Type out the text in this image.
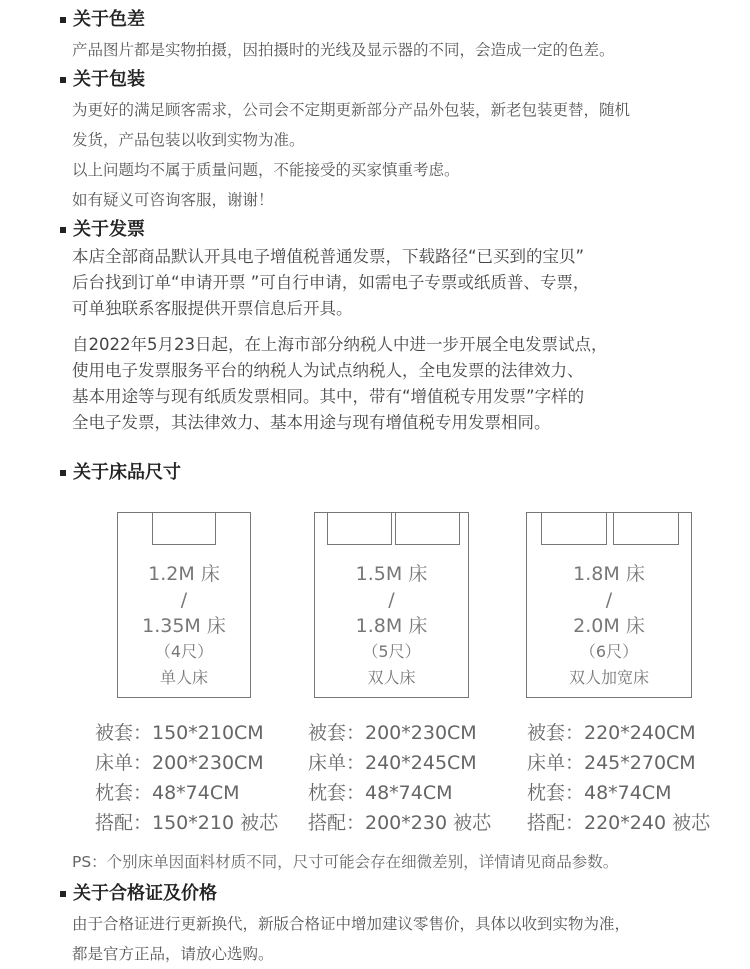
关于色差
产品图片都是实物拍摄，因拍摄时的光线及显示器的不同，会造成一定的色差。
关于包装
为更好的满足顾客需求，公司会不定期更新部分产品外包装，新老包装更替，随机
发货，产品包装以收到实物为准。
以上问题均不属于质量问题，不能接受的买家慎重考虑。
如有疑义可咨询客服，谢谢！
关于发票
本店全部商品默认开具电子增值税普通发票，下载路径“已买到的宝贝”
后台找到订单“申请开票 ”可自行申请，如需电子专票或纸质普、专票，
可单独联系客服提供开票信息后开具。
自2022年5月23日起，在上海市部分纳税人中进一步开展全电发票试点，
使用电子发票服务平台的纳税人为试点纳税人，全电发票的法律效力、
基本用途等与现有纸质发票相同。其中，带有“增值税专用发票”字样的
全电子发票，其法律效力、基本用途与现有增值税专用发票相同。
关于床品尺寸
1.2M 床
/
1.35M 床
（4尺）
单人床
1.5M 床
/
1.8M 床
（5尺）
双人床
1.8M 床
/
2.0M 床
（6尺）
双人加宽床
被套：150*210CM
床单：200*230CM
枕套：48*74CM
搭配：150*210 被芯
被套：200*230CM
床单：240*245CM
枕套：48*74CM
搭配：200*230 被芯
被套：220*240CM
床单：245*270CM
枕套：48*74CM
搭配：220*240 被芯
PS：个别床单因面料材质不同，尺寸可能会存在细微差别，详情请见商品参数。
关于合格证及价格
由于合格证进行更新换代，新版合格证中增加建议零售价，具体以收到实物为准，
都是官方正品，请放心选购。
